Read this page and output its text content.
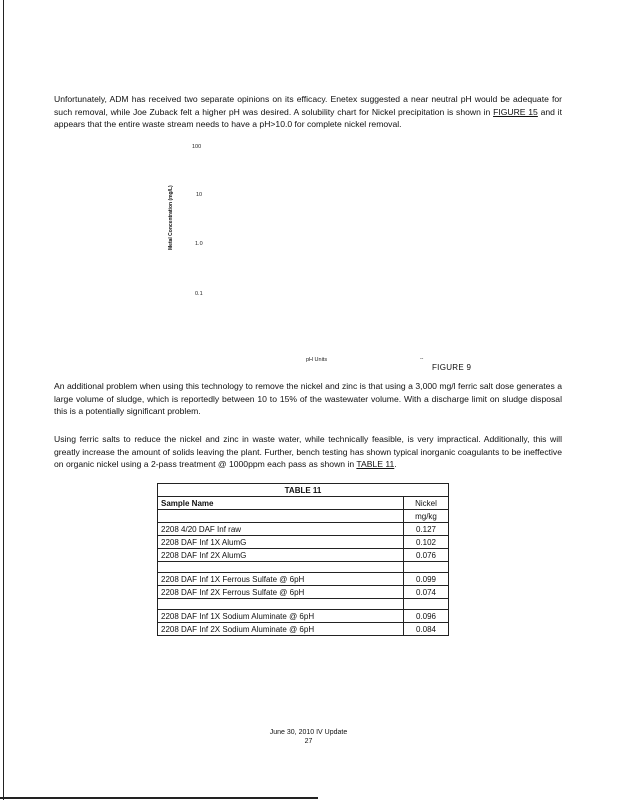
Unfortunately, ADM has received two separate opinions on its efficacy. Enetex suggested a near neutral pH would be adequate for such removal, while Joe Zuback felt a higher pH was desired. A solubility chart for Nickel precipitation is shown in FIGURE 15 and it appears that the entire waste stream needs to have a pH>10.0 for complete nickel removal.

100
10
1.0
0.1
Metal Concentration (mg/L)
pH Units	--
FIGURE 9

An additional problem when using this technology to remove the nickel and zinc is that using a 3,000 mg/l ferric salt dose generates a large volume of sludge, which is reportedly between 10 to 15% of the wastewater volume. With a discharge limit on sludge disposal this is a potentially significant problem.

Using ferric salts to reduce the nickel and zinc in waste water, while technically feasible, is very impractical. Additionally, this will greatly increase the amount of solids leaving the plant. Further, bench testing has shown typical inorganic coagulants to be ineffective on organic nickel using a 2-pass treatment @ 1000ppm each pass as shown in TABLE 11.

TABLE 11	
Sample Name	Nickel
	mg/kg
2208 4/20 DAF Inf raw	0.127
2208 DAF Inf 1X AlumG	0.102
2208 DAF Inf 2X AlumG	0.076

2208 DAF Inf 1X Ferrous Sulfate @ 6pH	0.099
2208 DAF Inf 2X Ferrous Sulfate @ 6pH	0.074

2208 DAF Inf 1X Sodium Aluminate @ 6pH	0.096
2208 DAF Inf 2X Sodium Aluminate @ 6pH	0.084
June 30, 2010 IV Update
27
